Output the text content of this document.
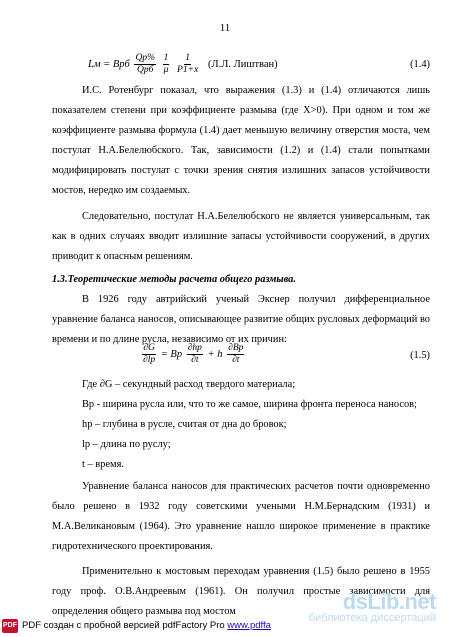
11
Lм = Bрб $\frac{Qр\%}{\text{Qрб}}$
$\frac{1}{\mu}$
$\frac{1}{P1+x} (Л.Л$. Лиштван)	(1.4)
И.С. Ротенбург показал, что выражения (1.3) и (1.4) отличаются лишь
показателем степени при коэффициенте размыва (где X>0). При одном и том же
коэффициенте размыва формула (1.4) дает меньшую величину отверстия моста, чем
постулат Н.А.Белелюбского. Так, зависимости (1.2) и (1.4) стали попытками
модифицировать постулат с точки зрения снятия излишних запасов устойчивости
мостов, нередко им создаемых.
Следовательно, постулат Н.А.Белелюбского не является универсальным, так
как в одних случаях вводит излишние запасы устойчивости сооружений, в других
приводит к опасным решениям.
1.3.Теоретические методы расчета общего размыва.
В 1926 году автрийский ученый Экснер получил дифференциальное
уравнение баланса наносов, описывающее развитие общих русловых деформаций во
времени и по длине русла, независимо от их причин:
$\frac{\partial G}{\partial lр}$ = Bр $\frac{\partial hр}{\partial t} + h \frac{\partial Bр}{\partial t}$	(1.5)
Где ∂G – секундный расход твердого материала;
Bр - ширина русла или, что то же самое, ширина фронта переноса наносов;
hр – глубина в русле, считая от дна до бровок;
lр – длина по руслу;
t – время.
Уравнение баланса наносов для практических расчетов почти одновременно
было решено в 1932 году советскими учеными Н.М.Бернадским (1931) и
М.А.Великановым (1964). Это уравнение нашло широкое применение в практике
гидротехнического проектирования.
Применительно к мостовым переходам уравнения (1.5) было решено в 1955
году проф. О.В.Андреевым (1961). Он получил простые зависимости для
определения общего размыва под мостом
PDF PDF создан с пробной версией pdfFactory Pro www.pdffa
dsLib.net
библиотека диссертаций
